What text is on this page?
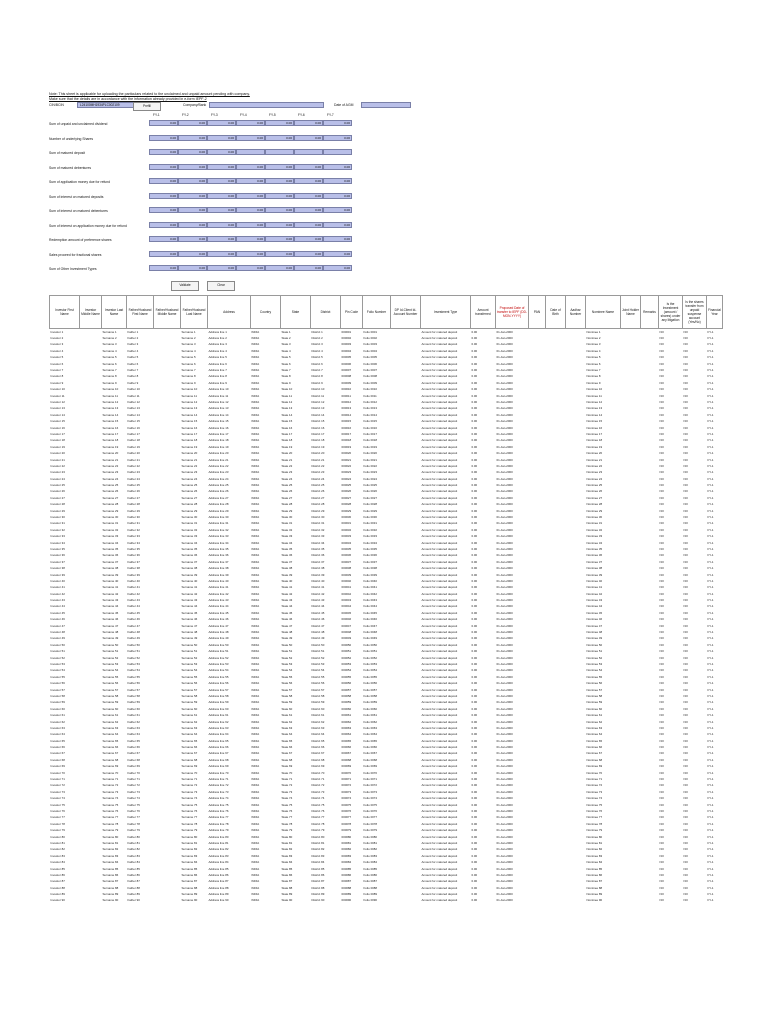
Note: This sheet is applicable for uploading the particulars related to the unclaimed and unpaid amount pending with company.
Make sure that the details are in accordance with the information already provided in e-form IEPF-2
CIN/BCIN	L24100MH1934PLC002109	Prefill	Company/Bank	Date of AGM
FY-1	FY-2	FY-3	FY-4	FY-5	FY-6	FY-7
Sum of unpaid and unclaimed dividend	0.00	0.00	0.00	0.00	0.00	0.00	0.00
Number of underlying Shares	0.00	0.00	0.00	0.00	0.00	0.00	0.00
Sum of matured deposit	0.00	0.00	0.00
Sum of matured debentures	0.00	0.00	0.00	0.00	0.00	0.00	0.00
Sum of application money due for refund	0.00	0.00	0.00	0.00	0.00	0.00	0.00
Sum of interest on matured deposits	0.00	0.00	0.00	0.00	0.00	0.00	0.00
Sum of interest on matured debentures	0.00	0.00	0.00	0.00	0.00	0.00	0.00
Sum of interest on application money due for refund	0.00	0.00	0.00	0.00	0.00	0.00	0.00
Redemption amount of preference shares	0.00	0.00	0.00	0.00	0.00	0.00	0.00
Sales proceed for fractional shares	0.00	0.00	0.00	0.00	0.00	0.00	0.00
Sum of Other Investment Types	0.00	0.00	0.00	0.00	0.00	0.00	0.00
Validate	Clear
Investor First Name	Investor Middle Name	Investor Last Name	Father/Husband First Name	Father/Husband Middle Name	Father/Husband Last Name	Address	Country	State	District	Pin Code	Folio Number	DP Id-Client Id-Account Number	Investment Type	Amount transferred	Proposed Date of transfer to IEPF (DD-MON-YYYY)	PAN	Date of Birth	Aadhar Number	Nominee Name	Joint Holder Name	Remarks	Is the Investment (amount / shares) under any litigation	Is the shares transfer from unpaid suspense account (Yes/No)	Financial Year
Investor 1		Surname 1	Father 1		Surname 1	Address line 1	INDIA	State 1	District 1	000001	Folio 0001		Amount for matured deposit	0.00	01-Jan-2000				Nominee 1			NO	NO	FY-1
Investor 2		Surname 2	Father 2		Surname 2	Address line 2	INDIA	State 2	District 2	000002	Folio 0002		Amount for matured deposit	0.00	01-Jan-2000				Nominee 2			NO	NO	FY-1
Investor 3		Surname 3	Father 3		Surname 3	Address line 3	INDIA	State 3	District 3	000003	Folio 0003		Amount for matured deposit	0.00	01-Jan-2000				Nominee 3			NO	NO	FY-1
Investor 4		Surname 4	Father 4		Surname 4	Address line 4	INDIA	State 4	District 4	000004	Folio 0004		Amount for matured deposit	0.00	01-Jan-2000				Nominee 4			NO	NO	FY-1
Investor 5		Surname 5	Father 5		Surname 5	Address line 5	INDIA	State 5	District 5	000005	Folio 0005		Amount for matured deposit	0.00	01-Jan-2000				Nominee 5			NO	NO	FY-1
Investor 6		Surname 6	Father 6		Surname 6	Address line 6	INDIA	State 6	District 6	000006	Folio 0006		Amount for matured deposit	0.00	01-Jan-2000				Nominee 6			NO	NO	FY-1
Investor 7		Surname 7	Father 7		Surname 7	Address line 7	INDIA	State 7	District 7	000007	Folio 0007		Amount for matured deposit	0.00	01-Jan-2000				Nominee 7			NO	NO	FY-1
Investor 8		Surname 8	Father 8		Surname 8	Address line 8	INDIA	State 8	District 8	000008	Folio 0008		Amount for matured deposit	0.00	01-Jan-2000				Nominee 8			NO	NO	FY-1
Investor 9		Surname 9	Father 9		Surname 9	Address line 9	INDIA	State 9	District 9	000009	Folio 0009		Amount for matured deposit	0.00	01-Jan-2000				Nominee 9			NO	NO	FY-1
Investor 10		Surname 10	Father 10		Surname 10	Address line 10	INDIA	State 10	District 10	000010	Folio 0010		Amount for matured deposit	0.00	01-Jan-2000				Nominee 10			NO	NO	FY-1
Investor 11		Surname 11	Father 11		Surname 11	Address line 11	INDIA	State 11	District 11	000011	Folio 0011		Amount for matured deposit	0.00	01-Jan-2000				Nominee 11			NO	NO	FY-1
Investor 12		Surname 12	Father 12		Surname 12	Address line 12	INDIA	State 12	District 12	000012	Folio 0012		Amount for matured deposit	0.00	01-Jan-2000				Nominee 12			NO	NO	FY-1
Investor 13		Surname 13	Father 13		Surname 13	Address line 13	INDIA	State 13	District 13	000013	Folio 0013		Amount for matured deposit	0.00	01-Jan-2000				Nominee 13			NO	NO	FY-1
Investor 14		Surname 14	Father 14		Surname 14	Address line 14	INDIA	State 14	District 14	000014	Folio 0014		Amount for matured deposit	0.00	01-Jan-2000				Nominee 14			NO	NO	FY-1
Investor 15		Surname 15	Father 15		Surname 15	Address line 15	INDIA	State 15	District 15	000015	Folio 0015		Amount for matured deposit	0.00	01-Jan-2000				Nominee 15			NO	NO	FY-1
Investor 16		Surname 16	Father 16		Surname 16	Address line 16	INDIA	State 16	District 16	000016	Folio 0016		Amount for matured deposit	0.00	01-Jan-2000				Nominee 16			NO	NO	FY-1
Investor 17		Surname 17	Father 17		Surname 17	Address line 17	INDIA	State 17	District 17	000017	Folio 0017		Amount for matured deposit	0.00	01-Jan-2000				Nominee 17			NO	NO	FY-1
Investor 18		Surname 18	Father 18		Surname 18	Address line 18	INDIA	State 18	District 18	000018	Folio 0018		Amount for matured deposit	0.00	01-Jan-2000				Nominee 18			NO	NO	FY-1
Investor 19		Surname 19	Father 19		Surname 19	Address line 19	INDIA	State 19	District 19	000019	Folio 0019		Amount for matured deposit	0.00	01-Jan-2000				Nominee 19			NO	NO	FY-1
Investor 20		Surname 20	Father 20		Surname 20	Address line 20	INDIA	State 20	District 20	000020	Folio 0020		Amount for matured deposit	0.00	01-Jan-2000				Nominee 20			NO	NO	FY-1
Investor 21		Surname 21	Father 21		Surname 21	Address line 21	INDIA	State 21	District 21	000021	Folio 0021		Amount for matured deposit	0.00	01-Jan-2000				Nominee 21			NO	NO	FY-1
Investor 22		Surname 22	Father 22		Surname 22	Address line 22	INDIA	State 22	District 22	000022	Folio 0022		Amount for matured deposit	0.00	01-Jan-2000				Nominee 22			NO	NO	FY-1
Investor 23		Surname 23	Father 23		Surname 23	Address line 23	INDIA	State 23	District 23	000023	Folio 0023		Amount for matured deposit	0.00	01-Jan-2000				Nominee 23			NO	NO	FY-1
Investor 24		Surname 24	Father 24		Surname 24	Address line 24	INDIA	State 24	District 24	000024	Folio 0024		Amount for matured deposit	0.00	01-Jan-2000				Nominee 24			NO	NO	FY-1
Investor 25		Surname 25	Father 25		Surname 25	Address line 25	INDIA	State 25	District 25	000025	Folio 0025		Amount for matured deposit	0.00	01-Jan-2000				Nominee 25			NO	NO	FY-1
Investor 26		Surname 26	Father 26		Surname 26	Address line 26	INDIA	State 26	District 26	000026	Folio 0026		Amount for matured deposit	0.00	01-Jan-2000				Nominee 26			NO	NO	FY-1
Investor 27		Surname 27	Father 27		Surname 27	Address line 27	INDIA	State 27	District 27	000027	Folio 0027		Amount for matured deposit	0.00	01-Jan-2000				Nominee 27			NO	NO	FY-1
Investor 28		Surname 28	Father 28		Surname 28	Address line 28	INDIA	State 28	District 28	000028	Folio 0028		Amount for matured deposit	0.00	01-Jan-2000				Nominee 28			NO	NO	FY-1
Investor 29		Surname 29	Father 29		Surname 29	Address line 29	INDIA	State 29	District 29	000029	Folio 0029		Amount for matured deposit	0.00	01-Jan-2000				Nominee 29			NO	NO	FY-1
Investor 30		Surname 30	Father 30		Surname 30	Address line 30	INDIA	State 30	District 30	000030	Folio 0030		Amount for matured deposit	0.00	01-Jan-2000				Nominee 30			NO	NO	FY-1
Investor 31		Surname 31	Father 31		Surname 31	Address line 31	INDIA	State 31	District 31	000031	Folio 0031		Amount for matured deposit	0.00	01-Jan-2000				Nominee 31			NO	NO	FY-1
Investor 32		Surname 32	Father 32		Surname 32	Address line 32	INDIA	State 32	District 32	000032	Folio 0032		Amount for matured deposit	0.00	01-Jan-2000				Nominee 32			NO	NO	FY-1
Investor 33		Surname 33	Father 33		Surname 33	Address line 33	INDIA	State 33	District 33	000033	Folio 0033		Amount for matured deposit	0.00	01-Jan-2000				Nominee 33			NO	NO	FY-1
Investor 34		Surname 34	Father 34		Surname 34	Address line 34	INDIA	State 34	District 34	000034	Folio 0034		Amount for matured deposit	0.00	01-Jan-2000				Nominee 34			NO	NO	FY-1
Investor 35		Surname 35	Father 35		Surname 35	Address line 35	INDIA	State 35	District 35	000035	Folio 0035		Amount for matured deposit	0.00	01-Jan-2000				Nominee 35			NO	NO	FY-1
Investor 36		Surname 36	Father 36		Surname 36	Address line 36	INDIA	State 36	District 36	000036	Folio 0036		Amount for matured deposit	0.00	01-Jan-2000				Nominee 36			NO	NO	FY-1
Investor 37		Surname 37	Father 37		Surname 37	Address line 37	INDIA	State 37	District 37	000037	Folio 0037		Amount for matured deposit	0.00	01-Jan-2000				Nominee 37			NO	NO	FY-1
Investor 38		Surname 38	Father 38		Surname 38	Address line 38	INDIA	State 38	District 38	000038	Folio 0038		Amount for matured deposit	0.00	01-Jan-2000				Nominee 38			NO	NO	FY-1
Investor 39		Surname 39	Father 39		Surname 39	Address line 39	INDIA	State 39	District 39	000039	Folio 0039		Amount for matured deposit	0.00	01-Jan-2000				Nominee 39			NO	NO	FY-1
Investor 40		Surname 40	Father 40		Surname 40	Address line 40	INDIA	State 40	District 40	000040	Folio 0040		Amount for matured deposit	0.00	01-Jan-2000				Nominee 40			NO	NO	FY-1
Investor 41		Surname 41	Father 41		Surname 41	Address line 41	INDIA	State 41	District 41	000041	Folio 0041		Amount for matured deposit	0.00	01-Jan-2000				Nominee 41			NO	NO	FY-1
Investor 42		Surname 42	Father 42		Surname 42	Address line 42	INDIA	State 42	District 42	000042	Folio 0042		Amount for matured deposit	0.00	01-Jan-2000				Nominee 42			NO	NO	FY-1
Investor 43		Surname 43	Father 43		Surname 43	Address line 43	INDIA	State 43	District 43	000043	Folio 0043		Amount for matured deposit	0.00	01-Jan-2000				Nominee 43			NO	NO	FY-1
Investor 44		Surname 44	Father 44		Surname 44	Address line 44	INDIA	State 44	District 44	000044	Folio 0044		Amount for matured deposit	0.00	01-Jan-2000				Nominee 44			NO	NO	FY-1
Investor 45		Surname 45	Father 45		Surname 45	Address line 45	INDIA	State 45	District 45	000045	Folio 0045		Amount for matured deposit	0.00	01-Jan-2000				Nominee 45			NO	NO	FY-1
Investor 46		Surname 46	Father 46		Surname 46	Address line 46	INDIA	State 46	District 46	000046	Folio 0046		Amount for matured deposit	0.00	01-Jan-2000				Nominee 46			NO	NO	FY-1
Investor 47		Surname 47	Father 47		Surname 47	Address line 47	INDIA	State 47	District 47	000047	Folio 0047		Amount for matured deposit	0.00	01-Jan-2000				Nominee 47			NO	NO	FY-1
Investor 48		Surname 48	Father 48		Surname 48	Address line 48	INDIA	State 48	District 48	000048	Folio 0048		Amount for matured deposit	0.00	01-Jan-2000				Nominee 48			NO	NO	FY-1
Investor 49		Surname 49	Father 49		Surname 49	Address line 49	INDIA	State 49	District 49	000049	Folio 0049		Amount for matured deposit	0.00	01-Jan-2000				Nominee 49			NO	NO	FY-1
Investor 50		Surname 50	Father 50		Surname 50	Address line 50	INDIA	State 50	District 50	000050	Folio 0050		Amount for matured deposit	0.00	01-Jan-2000				Nominee 50			NO	NO	FY-1
Investor 51		Surname 51	Father 51		Surname 51	Address line 51	INDIA	State 51	District 51	000051	Folio 0051		Amount for matured deposit	0.00	01-Jan-2000				Nominee 51			NO	NO	FY-1
Investor 52		Surname 52	Father 52		Surname 52	Address line 52	INDIA	State 52	District 52	000052	Folio 0052		Amount for matured deposit	0.00	01-Jan-2000				Nominee 52			NO	NO	FY-1
Investor 53		Surname 53	Father 53		Surname 53	Address line 53	INDIA	State 53	District 53	000053	Folio 0053		Amount for matured deposit	0.00	01-Jan-2000				Nominee 53			NO	NO	FY-1
Investor 54		Surname 54	Father 54		Surname 54	Address line 54	INDIA	State 54	District 54	000054	Folio 0054		Amount for matured deposit	0.00	01-Jan-2000				Nominee 54			NO	NO	FY-1
Investor 55		Surname 55	Father 55		Surname 55	Address line 55	INDIA	State 55	District 55	000055	Folio 0055		Amount for matured deposit	0.00	01-Jan-2000				Nominee 55			NO	NO	FY-1
Investor 56		Surname 56	Father 56		Surname 56	Address line 56	INDIA	State 56	District 56	000056	Folio 0056		Amount for matured deposit	0.00	01-Jan-2000				Nominee 56			NO	NO	FY-1
Investor 57		Surname 57	Father 57		Surname 57	Address line 57	INDIA	State 57	District 57	000057	Folio 0057		Amount for matured deposit	0.00	01-Jan-2000				Nominee 57			NO	NO	FY-1
Investor 58		Surname 58	Father 58		Surname 58	Address line 58	INDIA	State 58	District 58	000058	Folio 0058		Amount for matured deposit	0.00	01-Jan-2000				Nominee 58			NO	NO	FY-1
Investor 59		Surname 59	Father 59		Surname 59	Address line 59	INDIA	State 59	District 59	000059	Folio 0059		Amount for matured deposit	0.00	01-Jan-2000				Nominee 59			NO	NO	FY-1
Investor 60		Surname 60	Father 60		Surname 60	Address line 60	INDIA	State 60	District 60	000060	Folio 0060		Amount for matured deposit	0.00	01-Jan-2000				Nominee 60			NO	NO	FY-1
Investor 61		Surname 61	Father 61		Surname 61	Address line 61	INDIA	State 61	District 61	000061	Folio 0061		Amount for matured deposit	0.00	01-Jan-2000				Nominee 61			NO	NO	FY-1
Investor 62		Surname 62	Father 62		Surname 62	Address line 62	INDIA	State 62	District 62	000062	Folio 0062		Amount for matured deposit	0.00	01-Jan-2000				Nominee 62			NO	NO	FY-1
Investor 63		Surname 63	Father 63		Surname 63	Address line 63	INDIA	State 63	District 63	000063	Folio 0063		Amount for matured deposit	0.00	01-Jan-2000				Nominee 63			NO	NO	FY-1
Investor 64		Surname 64	Father 64		Surname 64	Address line 64	INDIA	State 64	District 64	000064	Folio 0064		Amount for matured deposit	0.00	01-Jan-2000				Nominee 64			NO	NO	FY-1
Investor 65		Surname 65	Father 65		Surname 65	Address line 65	INDIA	State 65	District 65	000065	Folio 0065		Amount for matured deposit	0.00	01-Jan-2000				Nominee 65			NO	NO	FY-1
Investor 66		Surname 66	Father 66		Surname 66	Address line 66	INDIA	State 66	District 66	000066	Folio 0066		Amount for matured deposit	0.00	01-Jan-2000				Nominee 66			NO	NO	FY-1
Investor 67		Surname 67	Father 67		Surname 67	Address line 67	INDIA	State 67	District 67	000067	Folio 0067		Amount for matured deposit	0.00	01-Jan-2000				Nominee 67			NO	NO	FY-1
Investor 68		Surname 68	Father 68		Surname 68	Address line 68	INDIA	State 68	District 68	000068	Folio 0068		Amount for matured deposit	0.00	01-Jan-2000				Nominee 68			NO	NO	FY-1
Investor 69		Surname 69	Father 69		Surname 69	Address line 69	INDIA	State 69	District 69	000069	Folio 0069		Amount for matured deposit	0.00	01-Jan-2000				Nominee 69			NO	NO	FY-1
Investor 70		Surname 70	Father 70		Surname 70	Address line 70	INDIA	State 70	District 70	000070	Folio 0070		Amount for matured deposit	0.00	01-Jan-2000				Nominee 70			NO	NO	FY-1
Investor 71		Surname 71	Father 71		Surname 71	Address line 71	INDIA	State 71	District 71	000071	Folio 0071		Amount for matured deposit	0.00	01-Jan-2000				Nominee 71			NO	NO	FY-1
Investor 72		Surname 72	Father 72		Surname 72	Address line 72	INDIA	State 72	District 72	000072	Folio 0072		Amount for matured deposit	0.00	01-Jan-2000				Nominee 72			NO	NO	FY-1
Investor 73		Surname 73	Father 73		Surname 73	Address line 73	INDIA	State 73	District 73	000073	Folio 0073		Amount for matured deposit	0.00	01-Jan-2000				Nominee 73			NO	NO	FY-1
Investor 74		Surname 74	Father 74		Surname 74	Address line 74	INDIA	State 74	District 74	000074	Folio 0074		Amount for matured deposit	0.00	01-Jan-2000				Nominee 74			NO	NO	FY-1
Investor 75		Surname 75	Father 75		Surname 75	Address line 75	INDIA	State 75	District 75	000075	Folio 0075		Amount for matured deposit	0.00	01-Jan-2000				Nominee 75			NO	NO	FY-1
Investor 76		Surname 76	Father 76		Surname 76	Address line 76	INDIA	State 76	District 76	000076	Folio 0076		Amount for matured deposit	0.00	01-Jan-2000				Nominee 76			NO	NO	FY-1
Investor 77		Surname 77	Father 77		Surname 77	Address line 77	INDIA	State 77	District 77	000077	Folio 0077		Amount for matured deposit	0.00	01-Jan-2000				Nominee 77			NO	NO	FY-1
Investor 78		Surname 78	Father 78		Surname 78	Address line 78	INDIA	State 78	District 78	000078	Folio 0078		Amount for matured deposit	0.00	01-Jan-2000				Nominee 78			NO	NO	FY-1
Investor 79		Surname 79	Father 79		Surname 79	Address line 79	INDIA	State 79	District 79	000079	Folio 0079		Amount for matured deposit	0.00	01-Jan-2000				Nominee 79			NO	NO	FY-1
Investor 80		Surname 80	Father 80		Surname 80	Address line 80	INDIA	State 80	District 80	000080	Folio 0080		Amount for matured deposit	0.00	01-Jan-2000				Nominee 80			NO	NO	FY-1
Investor 81		Surname 81	Father 81		Surname 81	Address line 81	INDIA	State 81	District 81	000081	Folio 0081		Amount for matured deposit	0.00	01-Jan-2000				Nominee 81			NO	NO	FY-1
Investor 82		Surname 82	Father 82		Surname 82	Address line 82	INDIA	State 82	District 82	000082	Folio 0082		Amount for matured deposit	0.00	01-Jan-2000				Nominee 82			NO	NO	FY-1
Investor 83		Surname 83	Father 83		Surname 83	Address line 83	INDIA	State 83	District 83	000083	Folio 0083		Amount for matured deposit	0.00	01-Jan-2000				Nominee 83			NO	NO	FY-1
Investor 84		Surname 84	Father 84		Surname 84	Address line 84	INDIA	State 84	District 84	000084	Folio 0084		Amount for matured deposit	0.00	01-Jan-2000				Nominee 84			NO	NO	FY-1
Investor 85		Surname 85	Father 85		Surname 85	Address line 85	INDIA	State 85	District 85	000085	Folio 0085		Amount for matured deposit	0.00	01-Jan-2000				Nominee 85			NO	NO	FY-1
Investor 86		Surname 86	Father 86		Surname 86	Address line 86	INDIA	State 86	District 86	000086	Folio 0086		Amount for matured deposit	0.00	01-Jan-2000				Nominee 86			NO	NO	FY-1
Investor 87		Surname 87	Father 87		Surname 87	Address line 87	INDIA	State 87	District 87	000087	Folio 0087		Amount for matured deposit	0.00	01-Jan-2000				Nominee 87			NO	NO	FY-1
Investor 88		Surname 88	Father 88		Surname 88	Address line 88	INDIA	State 88	District 88	000088	Folio 0088		Amount for matured deposit	0.00	01-Jan-2000				Nominee 88			NO	NO	FY-1
Investor 89		Surname 89	Father 89		Surname 89	Address line 89	INDIA	State 89	District 89	000089	Folio 0089		Amount for matured deposit	0.00	01-Jan-2000				Nominee 89			NO	NO	FY-1
Investor 90		Surname 90	Father 90		Surname 90	Address line 90	INDIA	State 90	District 90	000090	Folio 0090		Amount for matured deposit	0.00	01-Jan-2000				Nominee 90			NO	NO	FY-1
